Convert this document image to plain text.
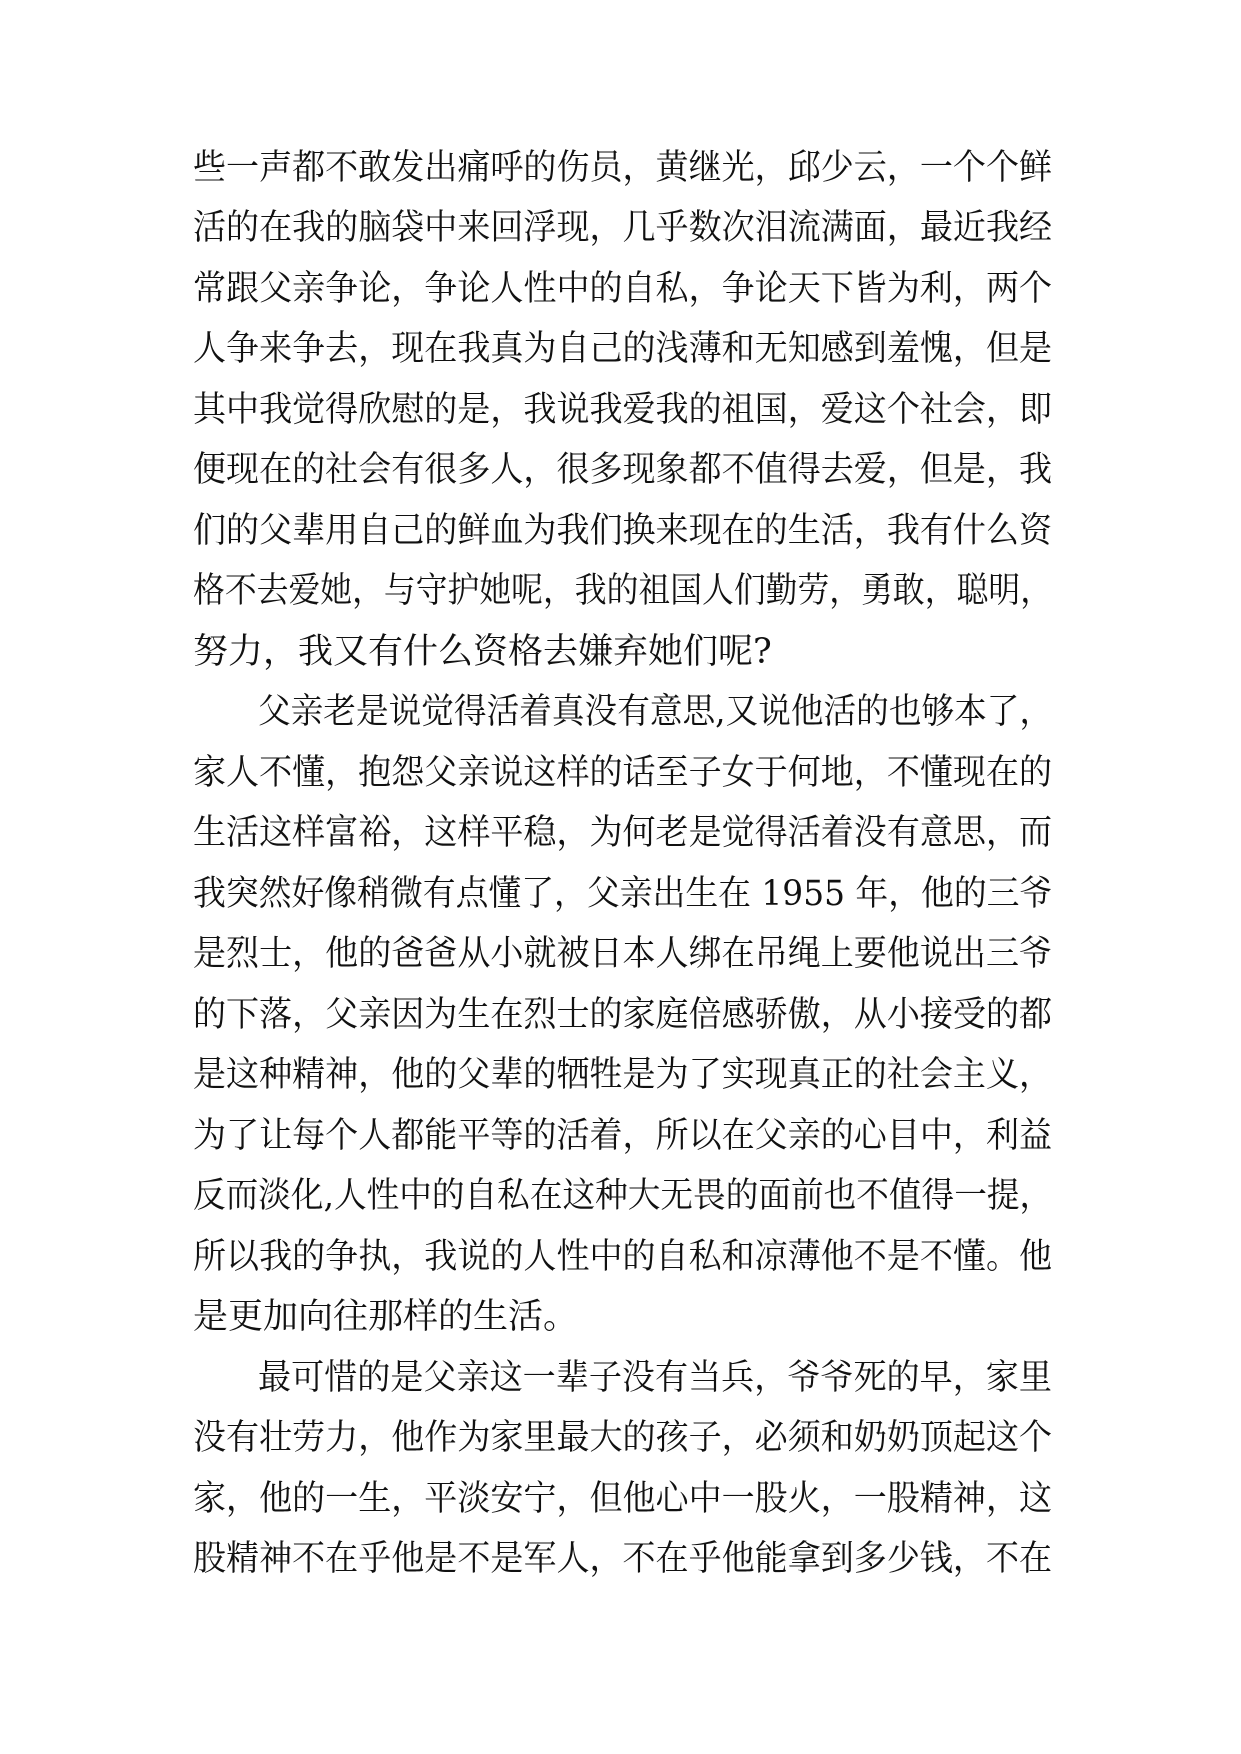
些一声都不敢发出痛呼的伤员，黄继光，邱少云，一个个鲜
活的在我的脑袋中来回浮现，几乎数次泪流满面，最近我经
常跟父亲争论，争论人性中的自私，争论天下皆为利，两个
人争来争去，现在我真为自己的浅薄和无知感到羞愧，但是
其中我觉得欣慰的是，我说我爱我的祖国，爱这个社会，即
便现在的社会有很多人，很多现象都不值得去爱，但是，我
们的父辈用自己的鲜血为我们换来现在的生活，我有什么资
格不去爱她，与守护她呢，我的祖国人们勤劳，勇敢，聪明，
努力，我又有什么资格去嫌弃她们呢?
父亲老是说觉得活着真没有意思,又说他活的也够本了，
家人不懂，抱怨父亲说这样的话至子女于何地，不懂现在的
生活这样富裕，这样平稳，为何老是觉得活着没有意思，而
我突然好像稍微有点懂了，父亲出生在 1955 年，他的三爷
是烈士，他的爸爸从小就被日本人绑在吊绳上要他说出三爷
的下落，父亲因为生在烈士的家庭倍感骄傲，从小接受的都
是这种精神，他的父辈的牺牲是为了实现真正的社会主义，
为了让每个人都能平等的活着，所以在父亲的心目中，利益
反而淡化,人性中的自私在这种大无畏的面前也不值得一提，
所以我的争执，我说的人性中的自私和凉薄他不是不懂。他
是更加向往那样的生活。
最可惜的是父亲这一辈子没有当兵，爷爷死的早，家里
没有壮劳力，他作为家里最大的孩子，必须和奶奶顶起这个
家，他的一生，平淡安宁，但他心中一股火，一股精神，这
股精神不在乎他是不是军人，不在乎他能拿到多少钱，不在
